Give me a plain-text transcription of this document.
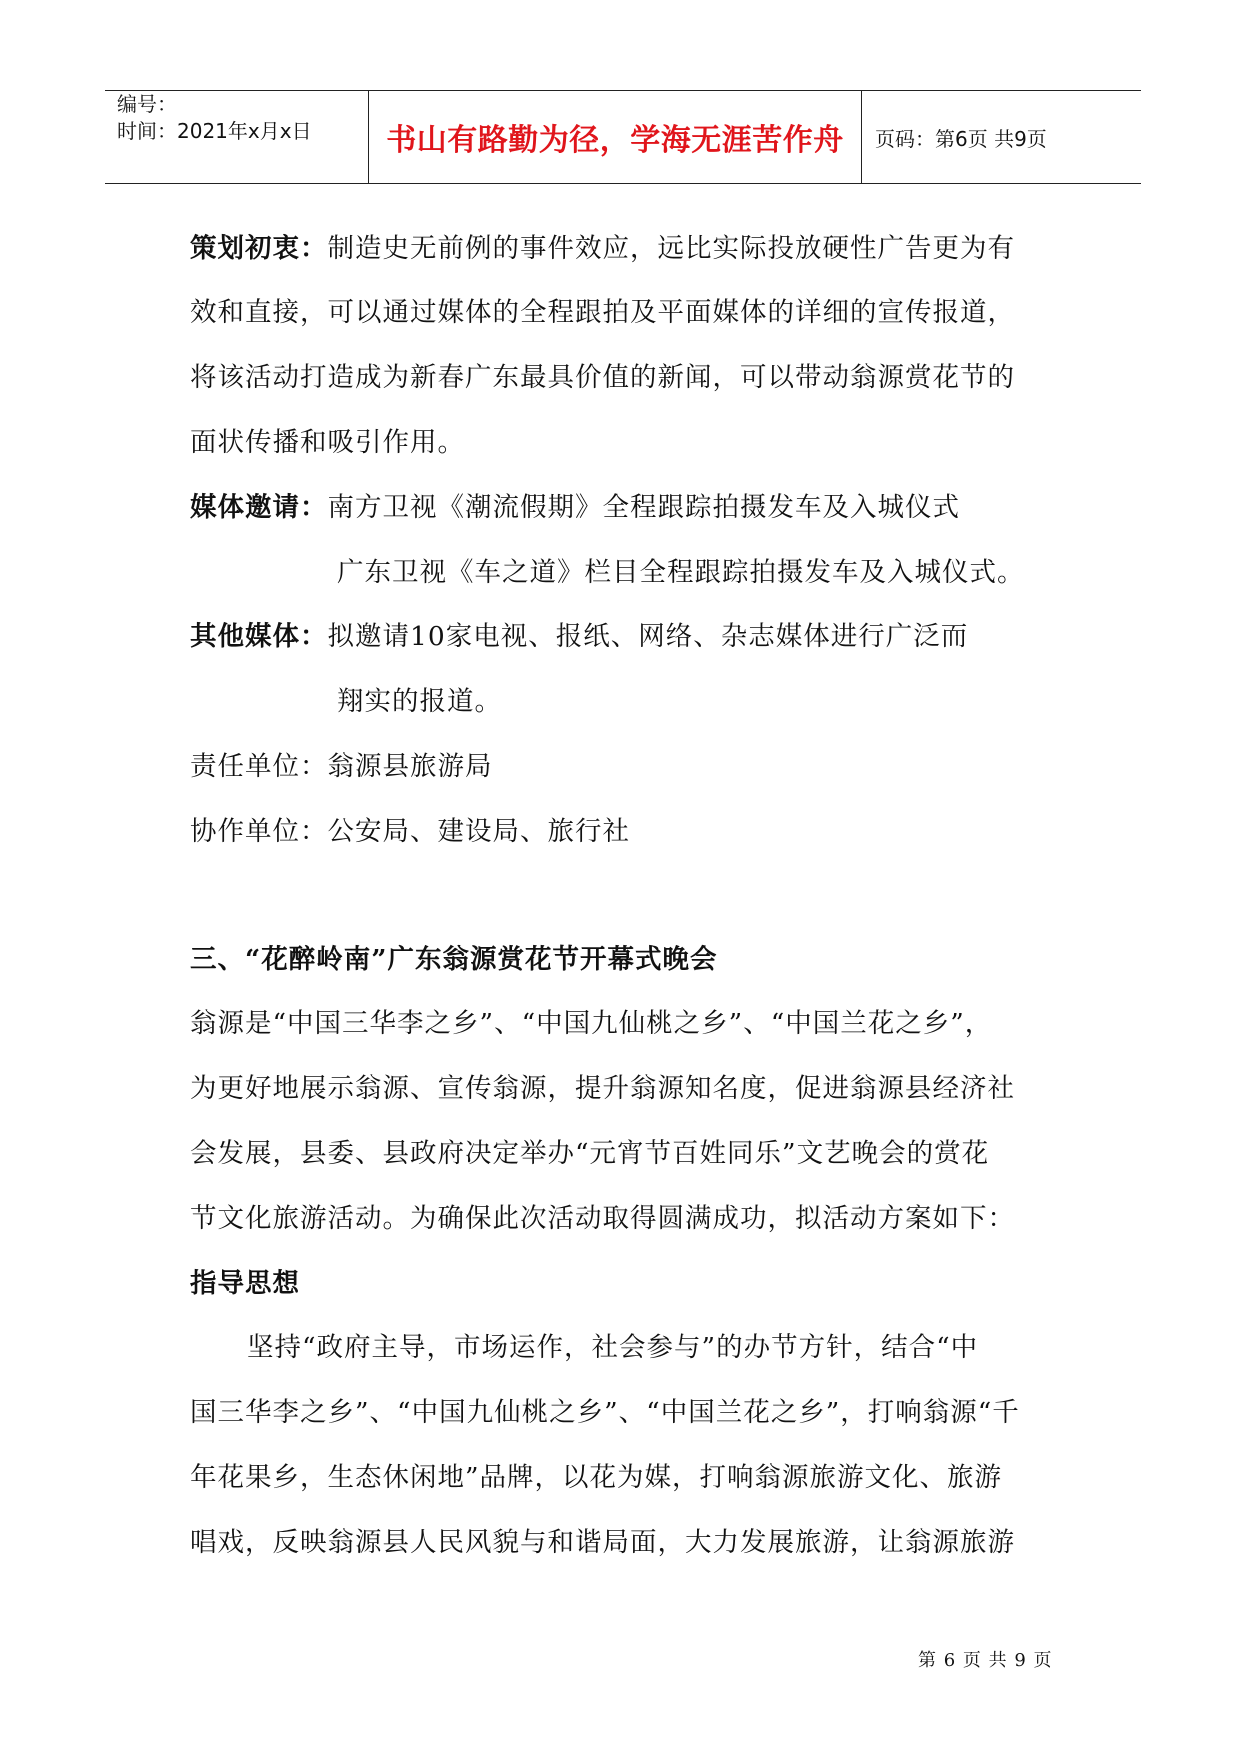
编号：
时间：2021年x月x日	书山有路勤为径，学海无涯苦作舟	页码：第6页 共9页
策划初衷：制造史无前例的事件效应，远比实际投放硬性广告更为有
效和直接，可以通过媒体的全程跟拍及平面媒体的详细的宣传报道，
将该活动打造成为新春广东最具价值的新闻，可以带动翁源赏花节的
面状传播和吸引作用。
媒体邀请：南方卫视《潮流假期》全程跟踪拍摄发车及入城仪式
广东卫视《车之道》栏目全程跟踪拍摄发车及入城仪式。
其他媒体：拟邀请10家电视、报纸、网络、杂志媒体进行广泛而
翔实的报道。
责任单位：翁源县旅游局
协作单位：公安局、建设局、旅行社
三、“花醉岭南”广东翁源赏花节开幕式晚会
翁源是“中国三华李之乡”、“中国九仙桃之乡”、“中国兰花之乡”，
为更好地展示翁源、宣传翁源，提升翁源知名度，促进翁源县经济社
会发展，县委、县政府决定举办“元宵节百姓同乐”文艺晚会的赏花
节文化旅游活动。为确保此次活动取得圆满成功，拟活动方案如下：
指导思想
坚持“政府主导，市场运作，社会参与”的办节方针，结合“中
国三华李之乡”、“中国九仙桃之乡”、“中国兰花之乡”，打响翁源“千
年花果乡，生态休闲地”品牌，以花为媒，打响翁源旅游文化、旅游
唱戏，反映翁源县人民风貌与和谐局面，大力发展旅游，让翁源旅游
第 6 页 共 9 页
